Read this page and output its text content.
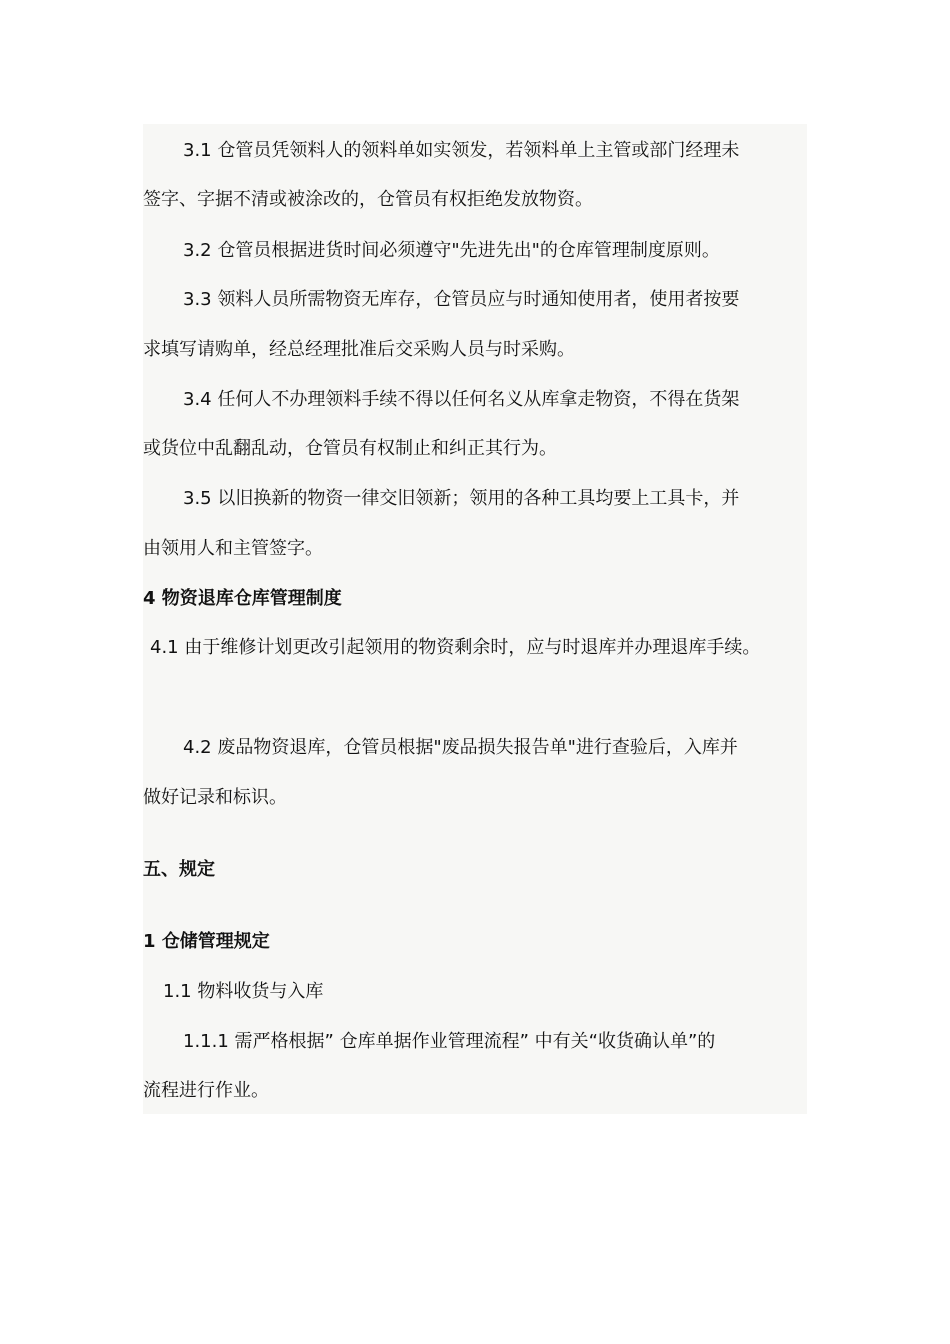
3.1 仓管员凭领料人的领料单如实领发，若领料单上主管或部门经理未
签字、字据不清或被涂改的，仓管员有权拒绝发放物资。
3.2 仓管员根据进货时间必须遵守"先进先出"的仓库管理制度原则。
3.3 领料人员所需物资无库存，仓管员应与时通知使用者，使用者按要
求填写请购单，经总经理批准后交采购人员与时采购。
3.4 任何人不办理领料手续不得以任何名义从库拿走物资，不得在货架
或货位中乱翻乱动，仓管员有权制止和纠正其行为。
3.5 以旧换新的物资一律交旧领新；领用的各种工具均要上工具卡，并
由领用人和主管签字。
4 物资退库仓库管理制度
4.1 由于维修计划更改引起领用的物资剩余时，应与时退库并办理退库手续。
4.2 废品物资退库，仓管员根据"废品损失报告单"进行查验后，入库并
做好记录和标识。
五、规定
1 仓储管理规定
1.1 物料收货与入库
1.1.1 需严格根据” 仓库单据作业管理流程” 中有关“收货确认单”的
流程进行作业。
